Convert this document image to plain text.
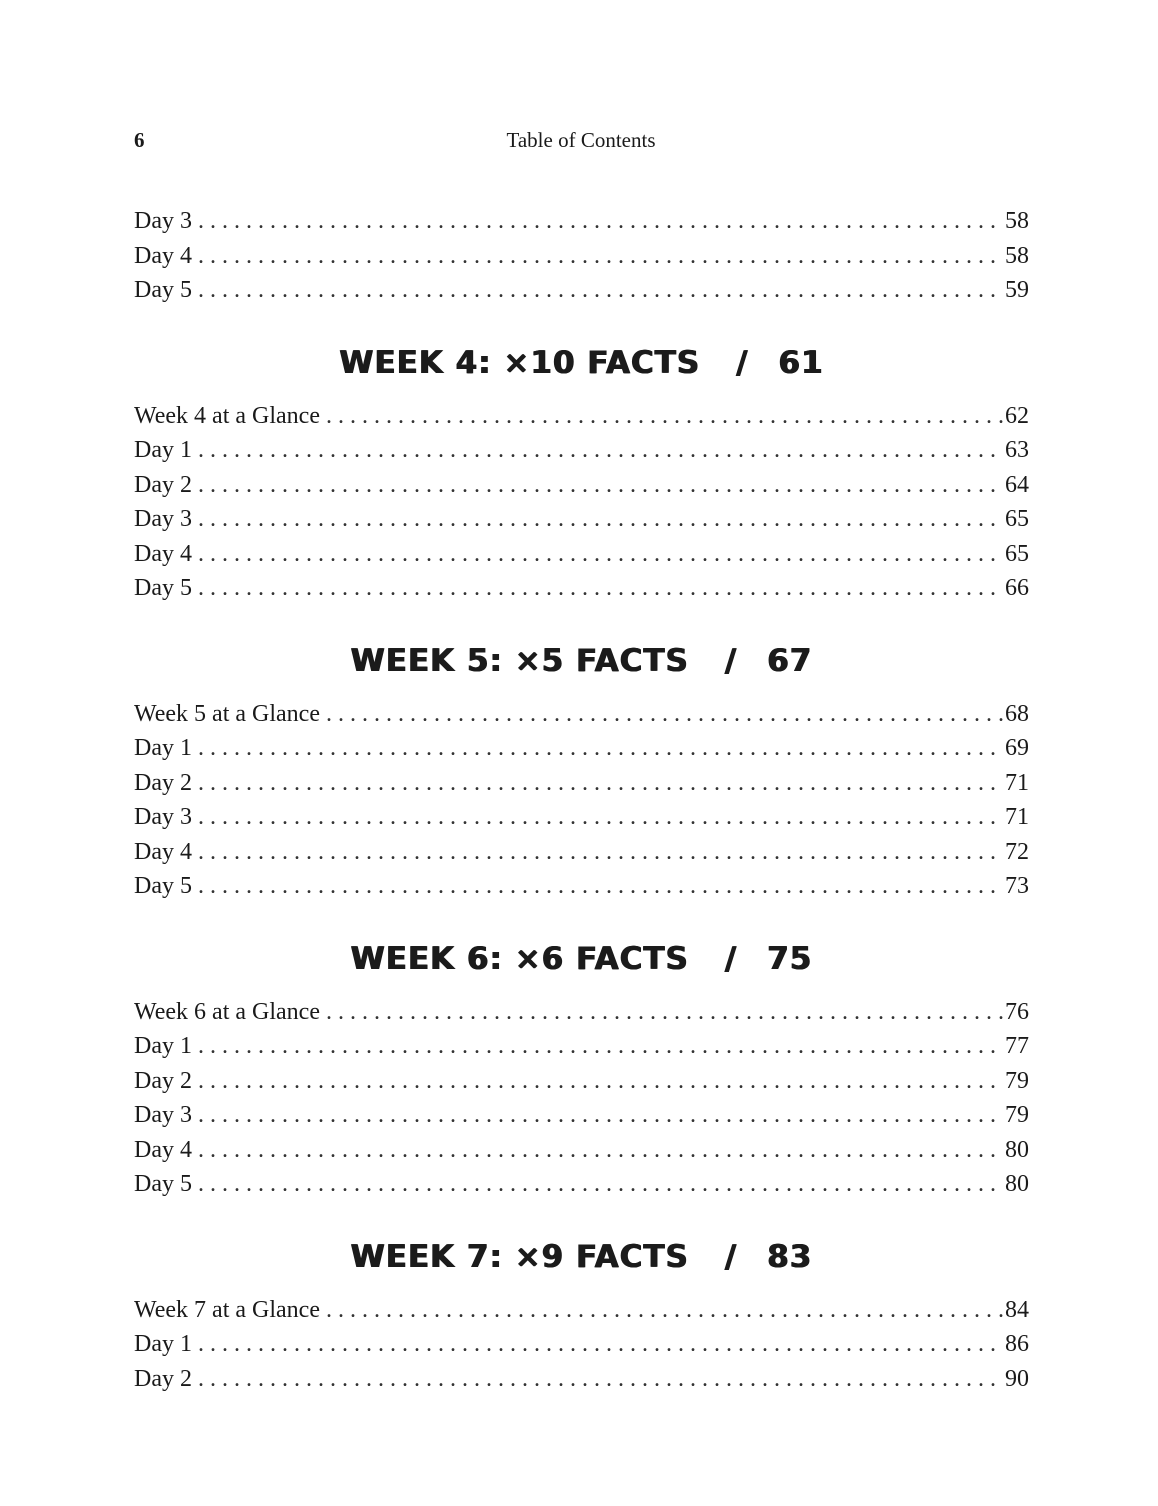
6	Table of Contents
Day 3 . . .	58
Day 4 . . .	58
Day 5 . . .	59
WEEK 4: ×10 FACTS / 61
Week 4 at a Glance . . .	62
Day 1 . . .	63
Day 2 . . .	64
Day 3 . . .	65
Day 4 . . .	65
Day 5 . . .	66
WEEK 5: ×5 FACTS / 67
Week 5 at a Glance . . .	68
Day 1 . . .	69
Day 2 . . .	71
Day 3 . . .	71
Day 4 . . .	72
Day 5 . . .	73
WEEK 6: ×6 FACTS / 75
Week 6 at a Glance . . .	76
Day 1 . . .	77
Day 2 . . .	79
Day 3 . . .	79
Day 4 . . .	80
Day 5 . . .	80
WEEK 7: ×9 FACTS / 83
Week 7 at a Glance . . .	84
Day 1 . . .	86
Day 2 . . .	90
